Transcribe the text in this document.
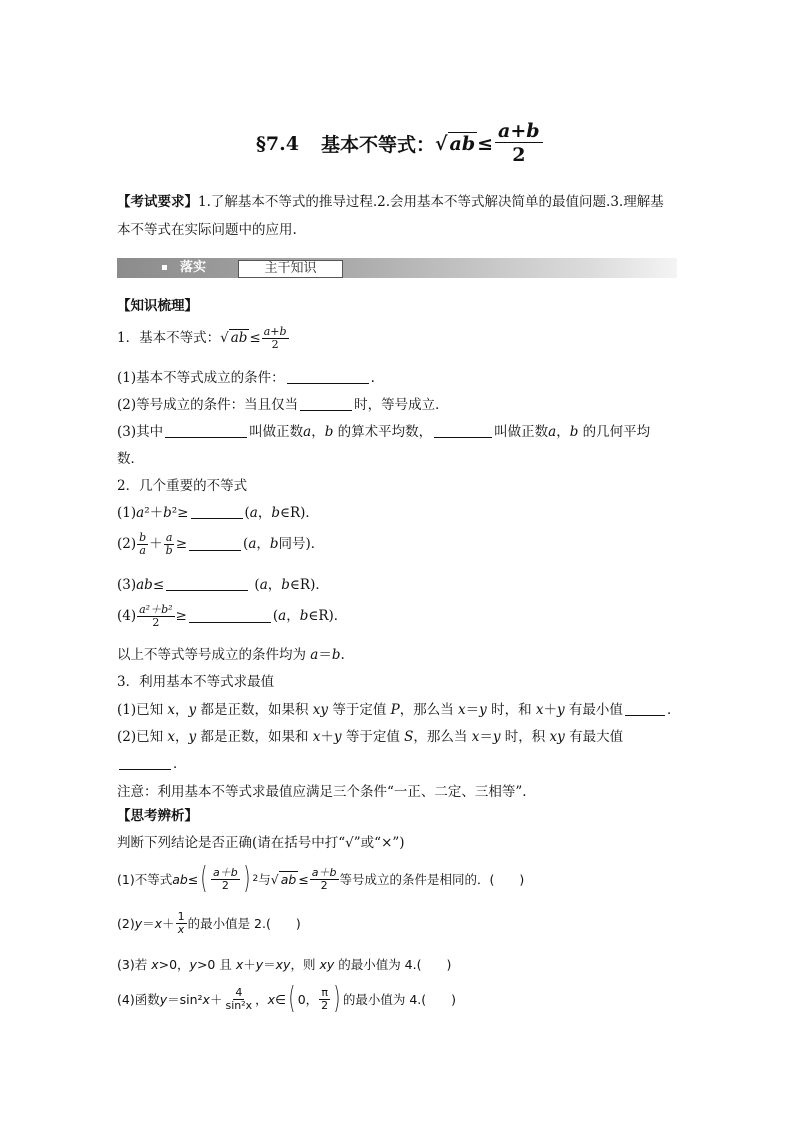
§7.4 基本不等式： √ ab ≤ $\frac{a+b}{2}$
【考试要求】1.了解基本不等式的推导过程.2.会用基本不等式解决简单的最值问题.3.理解基
本不等式在实际问题中的应用.
落实	主干知识
【知识梳理】
1．基本不等式： √ ab ≤ $\frac{a+b}{2}$
(1)基本不等式成立的条件：	.
(2)等号成立的条件：当且仅当	时，等号成立．
(3)其中	叫做正数a，b 的算术平均数，	叫做正数a，b 的几何平均
数．
2．几个重要的不等式
(1)a²＋b²≥	(a，b∈R)．
$(2) \frac{b}{a} + \frac{a}{b}$ ≥	( a ， b 同号)．
(3)ab≤	(a，b∈R)．
$(4) \frac{\text{a²＋b²}}{2}$ ≥	( a ， b ∈R)．
以上不等式等号成立的条件均为 a＝b.
3．利用基本不等式求最值
(1)已知 x，y 都是正数，如果积 xy 等于定值 P，那么当 x＝y 时，和 x＋y 有最小值	．
(2)已知 x，y 都是正数，如果和 x＋y 等于定值 S，那么当 x＝y 时，积 xy 有最大值
．
注意：利用基本不等式求最值应满足三个条件“一正、二定、三相等”.
【思考辨析】
判断下列结论是否正确(请在括号中打“√”或“×”)
(1)不等式 ab ≤ ( $\frac{a+b}{2}$ ) 2 与 √ ab ≤ $\frac{a+b}{2}$ 等号成立的条件是相同的．(　　)
(2) $y = x + \frac{1}{x}$ 的最小值是 2.(　　)
(3)若 x>0，y>0 且 x＋y＝xy，则 xy 的最小值为 4.(　　)
(4)函数 y ＝sin² $x + \frac{4}{\text{sin²x}}$ ， x ∈ ( 0， $\frac{\pi}{2}$ ) 的最小值为 4.(　　)
